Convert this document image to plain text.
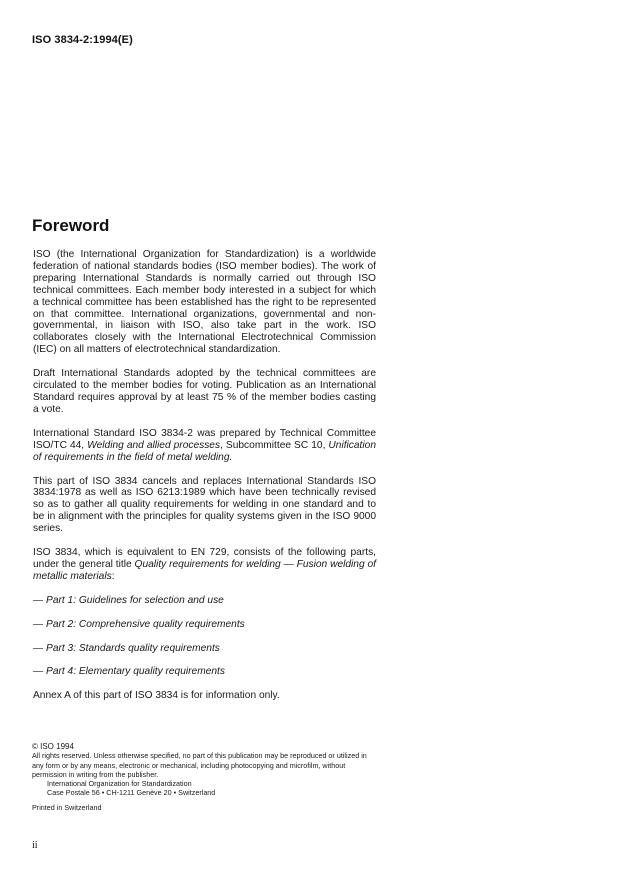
ISO 3834-2:1994(E)
Foreword

ISO (the International Organization for Standardization) is a worldwide federation of national standards bodies (ISO member bodies). The work of preparing International Standards is normally carried out through ISO technical committees. Each member body interested in a subject for which a technical committee has been established has the right to be represented on that committee. International organizations, governmental and non-governmental, in liaison with ISO, also take part in the work. ISO collaborates closely with the International Electrotechnical Commission (IEC) on all matters of electrotechnical standardization.

Draft International Standards adopted by the technical committees are circulated to the member bodies for voting. Publication as an International Standard requires approval by at least 75 % of the member bodies casting a vote.

International Standard ISO 3834-2 was prepared by Technical Committee ISO/TC 44, Welding and allied processes, Subcommittee SC 10, Unification of requirements in the field of metal welding.

This part of ISO 3834 cancels and replaces International Standards ISO 3834:1978 as well as ISO 6213:1989 which have been technically revised so as to gather all quality requirements for welding in one standard and to be in alignment with the principles for quality systems given in the ISO 9000 series.

ISO 3834, which is equivalent to EN 729, consists of the following parts, under the general title Quality requirements for welding — Fusion welding of metallic materials:

— Part 1: Guidelines for selection and use

— Part 2: Comprehensive quality requirements

— Part 3: Standards quality requirements

— Part 4: Elementary quality requirements

Annex A of this part of ISO 3834 is for information only.

© ISO 1994
All rights reserved. Unless otherwise specified, no part of this publication may be reproduced or utilized in any form or by any means, electronic or mechanical, including photocopying and microfilm, without permission in writing from the publisher.
International Organization for Standardization
Case Postale 56 • CH-1211 Genève 20 • Switzerland
Printed in Switzerland
ii
